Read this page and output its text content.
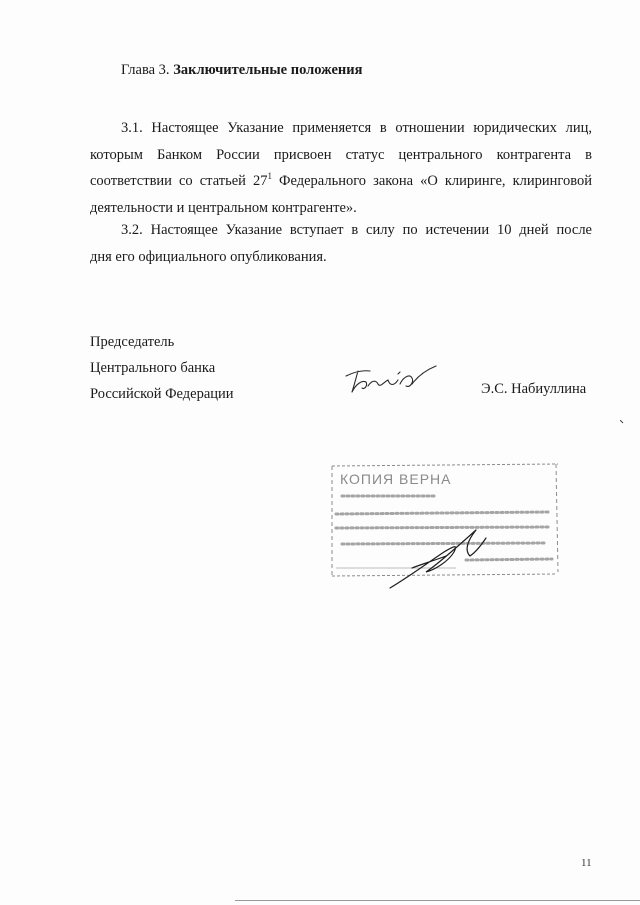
Глава 3. Заключительные положения
3.1. Настоящее Указание применяется в отношении юридических лиц,
которым Банком России присвоен статус центрального контрагента в
соответствии со статьей $27^1$ Федерального закона «О клиринге, клиринговой
деятельности и центральном контрагенте».
3.2. Настоящее Указание вступает в силу по истечении 10 дней после
дня его официального опубликования.
Председатель
Центрального банка
Российской Федерации	Э.С. Набиуллина
КОПИЯ ВЕРНА
11
